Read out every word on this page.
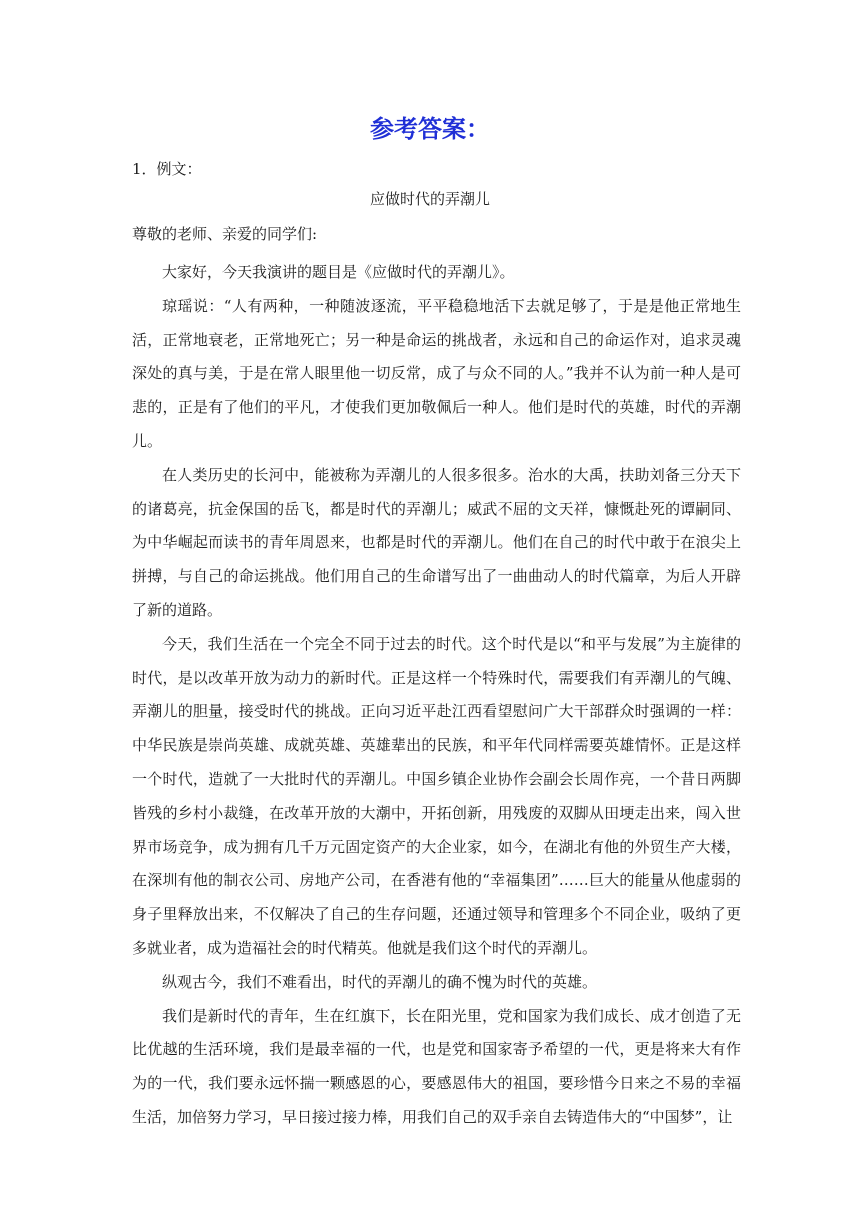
参考答案：
1．例文：
应做时代的弄潮儿
尊敬的老师、亲爱的同学们:

大家好，今天我演讲的题目是《应做时代的弄潮儿》。

琼瑶说：“人有两种，一种随波逐流，平平稳稳地活下去就足够了，于是是他正常地生活，正常地衰老，正常地死亡；另一种是命运的挑战者，永远和自己的命运作对，追求灵魂深处的真与美，于是在常人眼里他一切反常，成了与众不同的人。”我并不认为前一种人是可悲的，正是有了他们的平凡，才使我们更加敬佩后一种人。他们是时代的英雄，时代的弄潮儿。

在人类历史的长河中，能被称为弄潮儿的人很多很多。治水的大禹，扶助刘备三分天下的诸葛亮，抗金保国的岳飞，都是时代的弄潮儿；威武不屈的文天祥，慷慨赴死的谭嗣同、为中华崛起而读书的青年周恩来，也都是时代的弄潮儿。他们在自己的时代中敢于在浪尖上拼搏，与自己的命运挑战。他们用自己的生命谱写出了一曲曲动人的时代篇章，为后人开辟了新的道路。

今天，我们生活在一个完全不同于过去的时代。这个时代是以“和平与发展”为主旋律的时代，是以改革开放为动力的新时代。正是这样一个特殊时代，需要我们有弄潮儿的气魄、弄潮儿的胆量，接受时代的挑战。正向习近平赴江西看望慰问广大干部群众时强调的一样：中华民族是崇尚英雄、成就英雄、英雄辈出的民族，和平年代同样需要英雄情怀。正是这样一个时代，造就了一大批时代的弄潮儿。中国乡镇企业协作会副会长周作亮，一个昔日两脚皆残的乡村小裁缝，在改革开放的大潮中，开拓创新，用残废的双脚从田埂走出来，闯入世界市场竞争，成为拥有几千万元固定资产的大企业家，如今，在湖北有他的外贸生产大楼，在深圳有他的制衣公司、房地产公司，在香港有他的“幸福集团”……巨大的能量从他虚弱的身子里释放出来，不仅解决了自己的生存问题，还通过领导和管理多个不同企业，吸纳了更多就业者，成为造福社会的时代精英。他就是我们这个时代的弄潮儿。

纵观古今，我们不难看出，时代的弄潮儿的确不愧为时代的英雄。

我们是新时代的青年，生在红旗下，长在阳光里，党和国家为我们成长、成才创造了无比优越的生活环境，我们是最幸福的一代，也是党和国家寄予希望的一代，更是将来大有作为的一代，我们要永远怀揣一颗感恩的心，要感恩伟大的祖国，要珍惜今日来之不易的幸福生活，加倍努力学习，早日接过接力棒，用我们自己的双手亲自去铸造伟大的“中国梦”，让
